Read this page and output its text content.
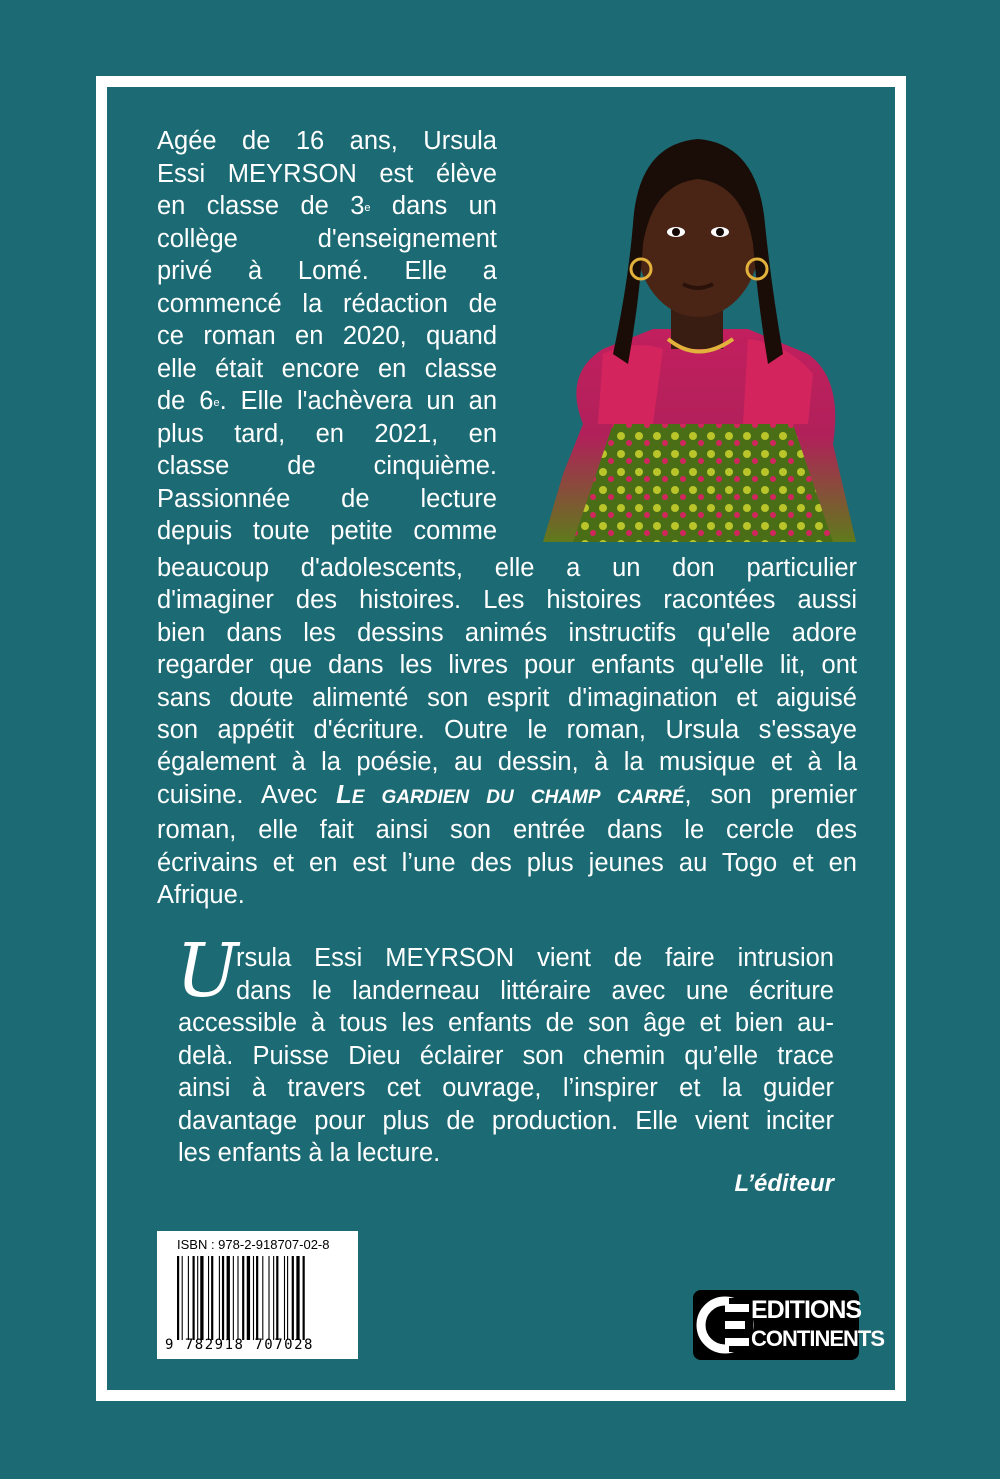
Agée de 16 ans, Ursula
Essi MEYRSON est élève
en classe de 3e dans un
collège d'enseignement
privé à Lomé. Elle a
commencé la rédaction de
ce roman en 2020, quand
elle était encore en classe
de 6e. Elle l'achèvera un an
plus tard, en 2021, en
classe de cinquième.
Passionnée de lecture
depuis toute petite comme
beaucoup d'adolescents, elle a un don particulier
d'imaginer des histoires. Les histoires racontées aussi
bien dans les dessins animés instructifs qu'elle adore
regarder que dans les livres pour enfants qu'elle lit, ont
sans doute alimenté son esprit d'imagination et aiguisé
son appétit d'écriture. Outre le roman, Ursula s'essaye
également à la poésie, au dessin, à la musique et à la
cuisine. Avec LE GARDIEN DU CHAMP CARRÉ, son premier
roman, elle fait ainsi son entrée dans le cercle des
écrivains et en est l’une des plus jeunes au Togo et en
Afrique.
U
rsula Essi MEYRSON vient de faire intrusion
dans le landerneau littéraire avec une écriture
accessible à tous les enfants de son âge et bien au-
delà. Puisse Dieu éclairer son chemin qu’elle trace
ainsi à travers cet ouvrage, l’inspirer et la guider
davantage pour plus de production. Elle vient inciter
les enfants à la lecture.
L’éditeur
ISBN : 978-2-918707-02-8
9 782918 707028
EDITIONS
CONTINENTS
